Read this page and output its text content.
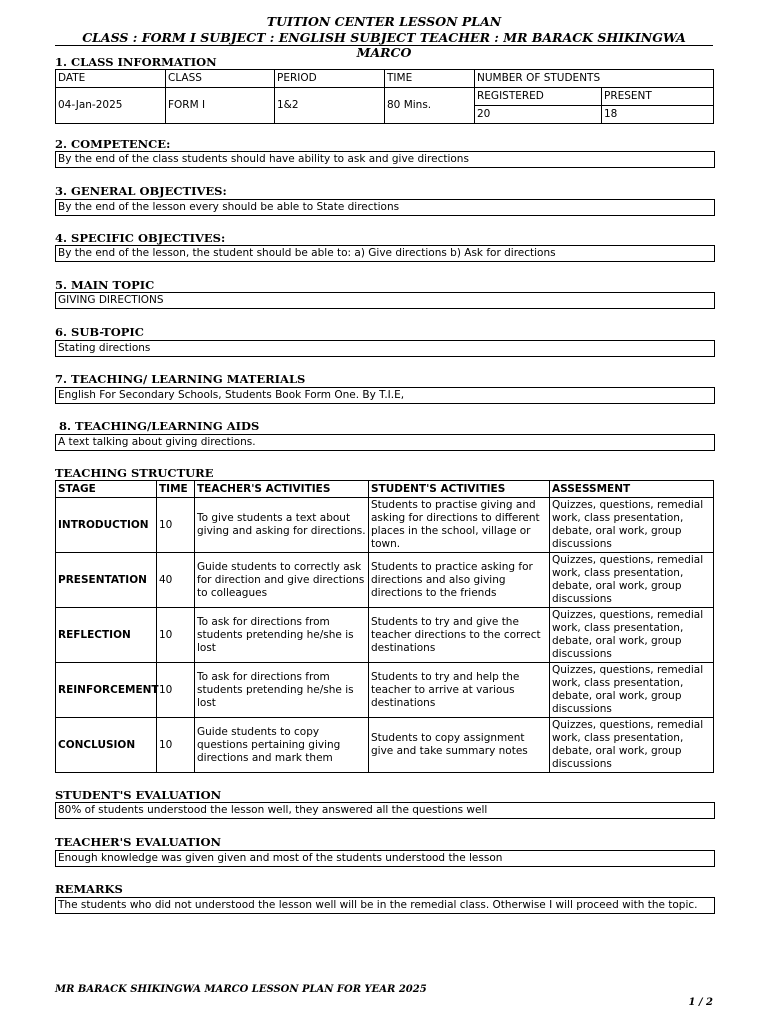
TUITION CENTER LESSON PLAN
CLASS : FORM I SUBJECT : ENGLISH SUBJECT TEACHER : MR BARACK SHIKINGWA MARCO
1. CLASS INFORMATION
DATE	CLASS	PERIOD	TIME	NUMBER OF STUDENTS	
04-Jan-2025	FORM I	1&2	80 Mins.	REGISTERED	PRESENT
				20	18
2. COMPETENCE:
By the end of the class students should have ability to ask and give directions
3. GENERAL OBJECTIVES:
By the end of the lesson every should be able to State directions
4. SPECIFIC OBJECTIVES:
By the end of the lesson, the student should be able to: a) Give directions b) Ask for directions
5. MAIN TOPIC
GIVING DIRECTIONS
6. SUB-TOPIC
Stating directions
7. TEACHING/ LEARNING MATERIALS
English For Secondary Schools, Students Book Form One. By T.I.E,
8. TEACHING/LEARNING AIDS
A text talking about giving directions.
TEACHING STRUCTURE
STAGE	TIME	TEACHER'S ACTIVITIES	STUDENT'S ACTIVITIES	ASSESSMENT
INTRODUCTION	10	To give students a text about giving and asking for directions.	Students to practise giving and asking for directions to different places in the school, village or town.	Quizzes, questions, remedial work, class presentation, debate, oral work, group discussions
PRESENTATION	40	Guide students to correctly ask for direction and give directions to colleagues	Students to practice asking for directions and also giving directions to the friends	Quizzes, questions, remedial work, class presentation, debate, oral work, group discussions
REFLECTION	10	To ask for directions from students pretending he/she is lost	Students to try and give the teacher directions to the correct destinations	Quizzes, questions, remedial work, class presentation, debate, oral work, group discussions
REINFORCEMENT	10	To ask for directions from students pretending he/she is lost	Students to try and help the teacher to arrive at various destinations	Quizzes, questions, remedial work, class presentation, debate, oral work, group discussions
CONCLUSION	10	Guide students to copy questions pertaining giving directions and mark them	Students to copy assignment give and take summary notes	Quizzes, questions, remedial work, class presentation, debate, oral work, group discussions
STUDENT'S EVALUATION
80% of students understood the lesson well, they answered all the questions well
TEACHER'S EVALUATION
Enough knowledge was given given and most of the students understood the lesson
REMARKS
The students who did not understood the lesson well will be in the remedial class. Otherwise I will proceed with the topic.
MR BARACK SHIKINGWA MARCO LESSON PLAN FOR YEAR 2025
1 / 2
